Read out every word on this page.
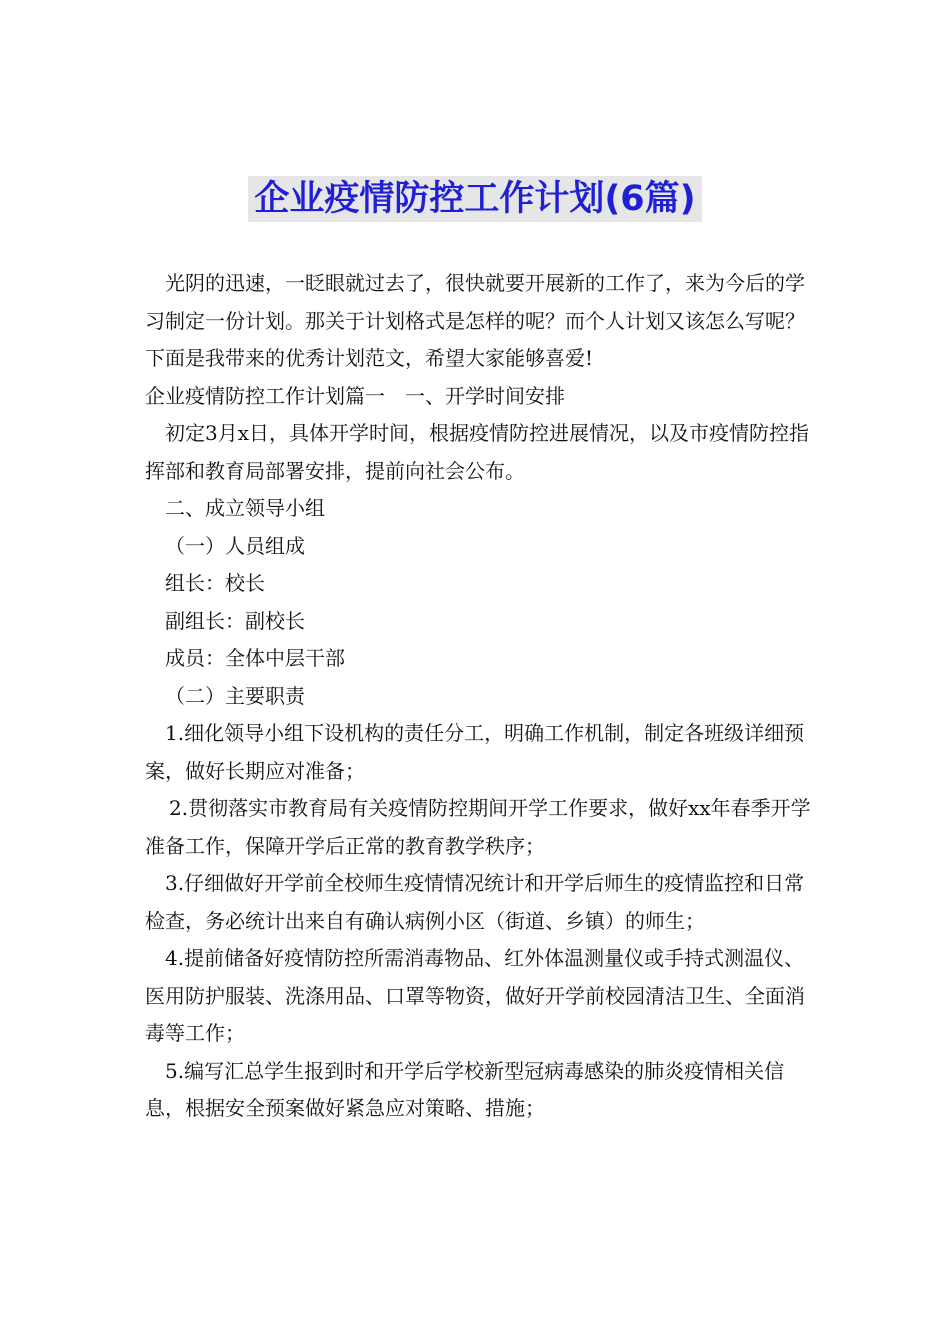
企业疫情防控工作计划(6篇)

光阴的迅速，一眨眼就过去了，很快就要开展新的工作了，来为今后的学习制定一份计划。那关于计划格式是怎样的呢？而个人计划又该怎么写呢？下面是我带来的优秀计划范文，希望大家能够喜爱!

企业疫情防控工作计划篇一　一、开学时间安排

初定3月x日，具体开学时间，根据疫情防控进展情况，以及市疫情防控指挥部和教育局部署安排，提前向社会公布。

二、成立领导小组

（一）人员组成

组长：校长

副组长：副校长

成员：全体中层干部

（二）主要职责

1.细化领导小组下设机构的责任分工，明确工作机制，制定各班级详细预案，做好长期应对准备；

2.贯彻落实市教育局有关疫情防控期间开学工作要求，做好xx年春季开学准备工作，保障开学后正常的教育教学秩序；

3.仔细做好开学前全校师生疫情情况统计和开学后师生的疫情监控和日常检查，务必统计出来自有确认病例小区（街道、乡镇）的师生；

4.提前储备好疫情防控所需消毒物品、红外体温测量仪或手持式测温仪、医用防护服装、洗涤用品、口罩等物资，做好开学前校园清洁卫生、全面消毒等工作；

5.编写汇总学生报到时和开学后学校新型冠病毒感染的肺炎疫情相关信息，根据安全预案做好紧急应对策略、措施；
